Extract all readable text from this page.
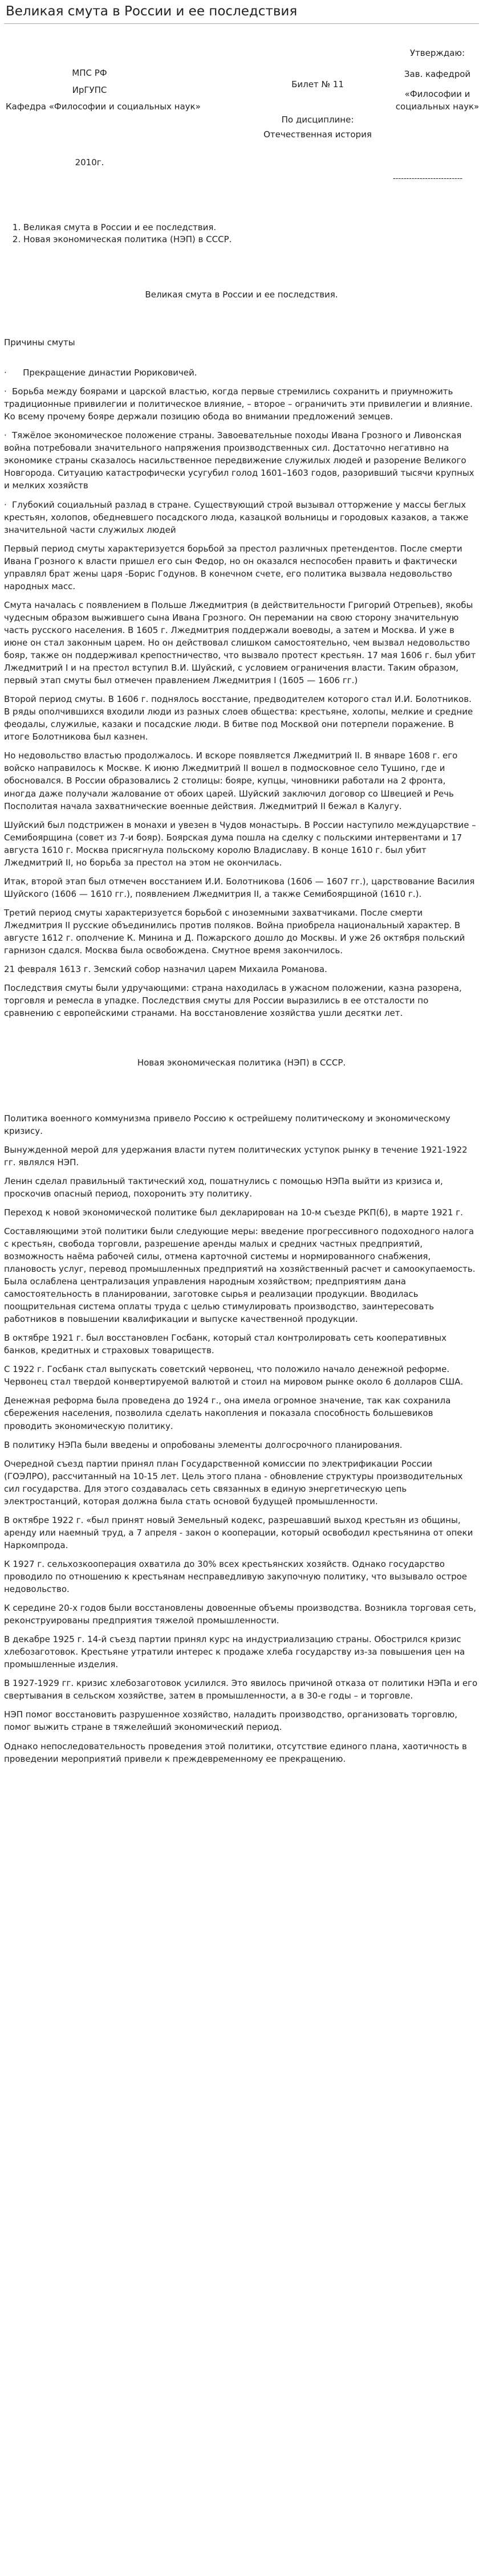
Великая смута в России и ее последствия
МПС РФ
ИрГУПС
Кафедра «Философии и социальных наук»
2010г.
Билет № 11
По дисциплине:
Отечественная история
Утверждаю:
Зав. кафедрой
«Философии и социальных наук»
--------------------------
1. Великая смута в России и ее последствия.
2. Новая экономическая политика (НЭП) в СССР.
Великая смута в России и ее последствия.

Причины смуты

· Прекращение династии Рюриковичей.
· Борьба между боярами и царской властью, когда первые стремились сохранить и приумножить традиционные привилегии и политическое влияние, – второе – ограничить эти привилегии и влияние. Ко всему прочему бояре держали позицию обода во внимании предложений земцев.
· Тяжёлое экономическое положение страны. Завоевательные походы Ивана Грозного и Ливонская война потребовали значительного напряжения производственных сил. Достаточно негативно на экономике страны сказалось насильственное передвижение служилых людей и разорение Великого Новгорода. Ситуацию катастрофически усугубил голод 1601–1603 годов, разоривший тысячи крупных и мелких хозяйств
· Глубокий социальный разлад в стране. Существующий строй вызывал отторжение у массы беглых крестьян, холопов, обедневшего посадского люда, казацкой вольницы и городовых казаков, а также значительной части служилых людей

Первый период смуты характеризуется борьбой за престол различных претендентов. После смерти Ивана Грозного к власти пришел его сын Федор, но он оказался неспособен править и фактически управлял брат жены царя -Борис Годунов. В конечном счете, его политика вызвала недовольство народных масс.

Смута началась с появлением в Польше Лжедмитрия (в действительности Григорий Отрепьев), якобы чудесным образом выжившего сына Ивана Грозного. Он перемании на свою сторону значительную часть русского населения. В 1605 г. Лжедмитрия поддержали воеводы, а затем и Москва. И уже в июне он стал законным царем. Но он действовал слишком самостоятельно, чем вызвал недовольство бояр, также он поддерживал крепостничество, что вызвало протест крестьян. 17 мая 1606 г. был убит Лжедмитрий I и на престол вступил В.И. Шуйский, с условием ограничения власти. Таким образом, первый этап смуты был отмечен правлением Лжедмитрия I (1605 — 1606 гг.)

Второй период смуты. В 1606 г. поднялось восстание, предводителем которого стал И.И. Болотников. В ряды ополчившихся входили люди из разных слоев общества: крестьяне, холопы, мелкие и средние феодалы, служилые, казаки и посадские люди. В битве под Москвой они потерпели поражение. В итоге Болотникова был казнен.

Но недовольство властью продолжалось. И вскоре появляется Лжедмитрий II. В январе 1608 г. его войско направилось к Москве. К июню Лжедмитрий II вошел в подмосковное село Тушино, где и обосновался. В России образовались 2 столицы: бояре, купцы, чиновники работали на 2 фронта, иногда даже получали жалование от обоих царей. Шуйский заключил договор со Швецией и Речь Посполитая начала захватнические военные действия. Лжедмитрий II бежал в Калугу.

Шуйский был подстрижен в монахи и увезен в Чудов монастырь. В России наступило междуцарствие – Семибоярщина (совет из 7-и бояр). Боярская дума пошла на сделку с польскими интервентами и 17 августа 1610 г. Москва присягнула польскому королю Владиславу. В конце 1610 г. был убит Лжедмитрий II, но борьба за престол на этом не окончилась.

Итак, второй этап был отмечен восстанием И.И. Болотникова (1606 — 1607 гг.), царствование Василия Шуйского (1606 — 1610 гг.), появлением Лжедмитрия II, а также Семибоярщиной (1610 г.).

Третий период смуты характеризуется борьбой с иноземными захватчиками. После смерти Лжедмитрия II русские объединились против поляков. Война приобрела национальный характер. В августе 1612 г. ополчение К. Минина и Д. Пожарского дошло до Москвы. И уже 26 октября польский гарнизон сдался. Москва была освобождена. Смутное время закончилось.

21 февраля 1613 г. Земский собор назначил царем Михаила Романова.

Последствия смуты были удручающими: страна находилась в ужасном положении, казна разорена, торговля и ремесла в упадке. Последствия смуты для России выразились в ее отсталости по сравнению с европейскими странами. На восстановление хозяйства ушли десятки лет.

Новая экономическая политика (НЭП) в СССР.

Политика военного коммунизма привело Россию к острейшему политическому и экономическому кризису.

Вынужденной мерой для удержания власти путем политических уступок рынку в течение 1921-1922 гг. являлся НЭП.

Ленин сделал правильный тактический ход, пошатнулись с помощью НЭПа выйти из кризиса и, проскочив опасный период, похоронить эту политику.

Переход к новой экономической политике был декларирован на 10-м съезде РКП(б), в марте 1921 г.

Составляющими этой политики были следующие меры: введение прогрессивного подоходного налога с крестьян, свобода торговли, разрешение аренды малых и средних частных предприятий, возможность наёма рабочей силы, отмена карточной системы и нормированного снабжения, плановость услуг, перевод промышленных предприятий на хозяйственный расчет и самоокупаемость. Была ослаблена централизация управления народным хозяйством; предприятиям дана самостоятельность в планировании, заготовке сырья и реализации продукции. Вводилась поощрительная система оплаты труда с целью стимулировать производство, заинтересовать работников в повышении квалификации и выпуске качественной продукции.

В октябре 1921 г. был восстановлен Госбанк, который стал контролировать сеть кооперативных банков, кредитных и страховых товариществ.

С 1922 г. Госбанк стал выпускать советский червонец, что положило начало денежной реформе. Червонец стал твердой конвертируемой валютой и стоил на мировом рынке около 6 долларов США.

Денежная реформа была проведена до 1924 г., она имела огромное значение, так как сохранила сбережения населения, позволила сделать накопления и показала способность большевиков проводить экономическую политику.

В политику НЭПа были введены и опробованы элементы долгосрочного планирования.

Очередной съезд партии принял план Государственной комиссии по электрификации России (ГОЭЛРО), рассчитанный на 10-15 лет. Цель этого плана - обновление структуры производительных сил государства. Для этого создавалась сеть связанных в единую энергетическую цепь электростанций, которая должна была стать основой будущей промышленности.

В октябре 1922 г. «был принят новый Земельный кодекс, разрешавший выход крестьян из общины, аренду или наемный труд, а 7 апреля - закон о кооперации, который освободил крестьянина от опеки Наркомпрода.

К 1927 г. сельхозкооперация охватила до 30% всех крестьянских хозяйств. Однако государство проводило по отношению к крестьянам несправедливую закупочную политику, что вызывало острое недовольство.

К середине 20-х годов были восстановлены довоенные объемы производства. Возникла торговая сеть, реконструированы предприятия тяжелой промышленности.

В декабре 1925 г. 14-й съезд партии принял курс на индустриализацию страны. Обострился кризис хлебозаготовок. Крестьяне утратили интерес к продаже хлеба государству из-за повышения цен на промышленные изделия.

В 1927-1929 гг. кризис хлебозаготовок усилился. Это явилось причиной отказа от политики НЭПа и его свертывания в сельском хозяйстве, затем в промышленности, а в 30-е годы – и торговле.

НЭП помог восстановить разрушенное хозяйство, наладить производство, организовать торговлю, помог выжить стране в тяжелейший экономический период.

Однако непоследовательность проведения этой политики, отсутствие единого плана, хаотичность в проведении мероприятий привели к преждевременному ее прекращению.
